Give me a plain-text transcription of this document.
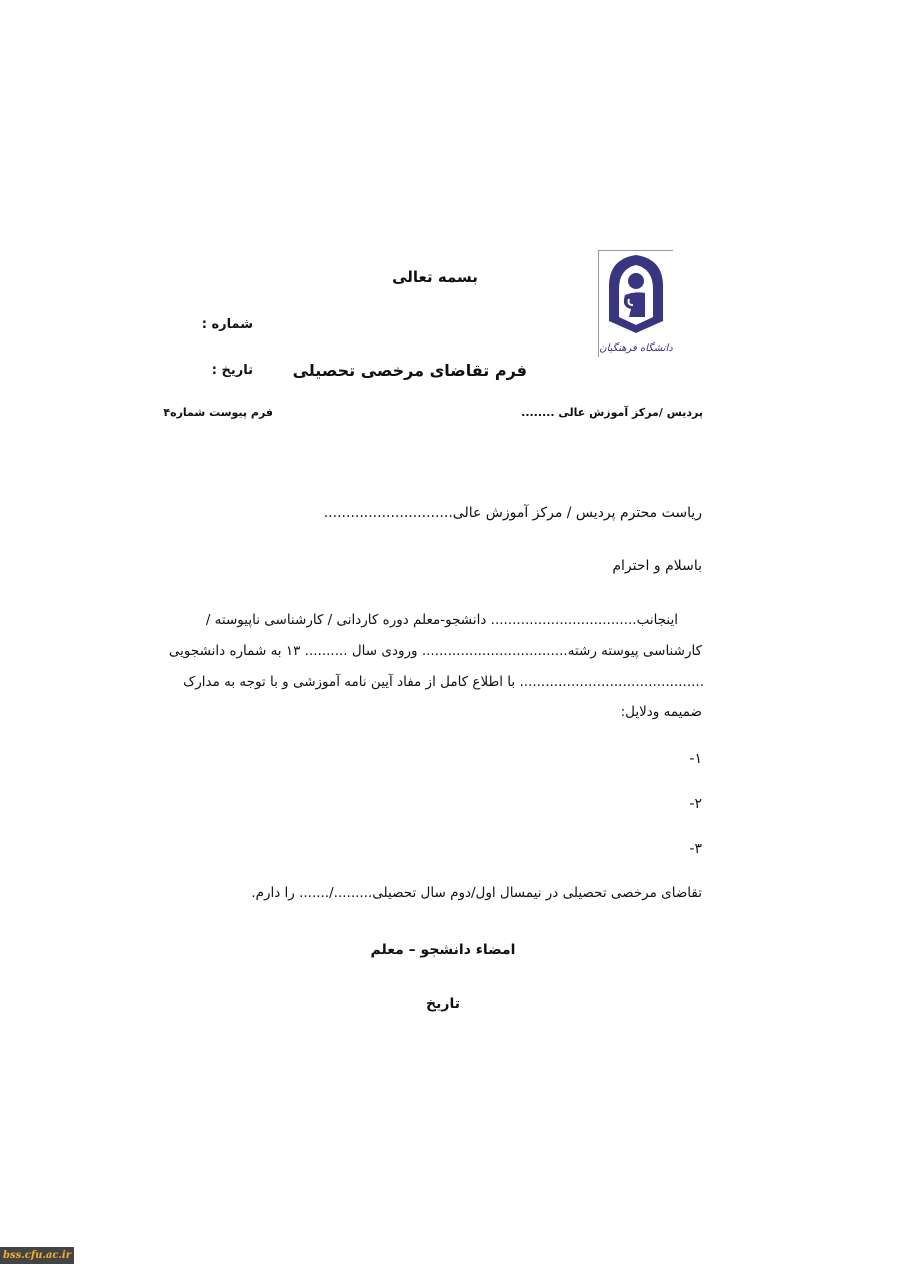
بسمه تعالی
دانشگاه فرهنگیان
شماره :
فرم تقاضای مرخصی تحصیلی
تاریخ :
پردیس /مرکز آموزش عالی ........
فرم پیوست شماره۴
ریاست محترم پردیس / مرکز آموزش عالی.............................
باسلام و احترام
اینجانب.................................. دانشجو-معلم دوره کاردانی / کارشناسی ناپیوسته /
کارشناسی پیوسته رشته.................................. ورودی سال .......... ۱۳ به شماره دانشجویی
........................................... با اطلاع کامل از مفاد آیین نامه آموزشی و با توجه به مدارک
ضمیمه ودلایل:
۱-
۲-
۳-
تقاضای مرخصی تحصیلی در نیمسال اول/دوم سال تحصیلی........./....... را دارم.
امضاء دانشجو – معلم
تاریخ
bss.cfu.ac.ir
